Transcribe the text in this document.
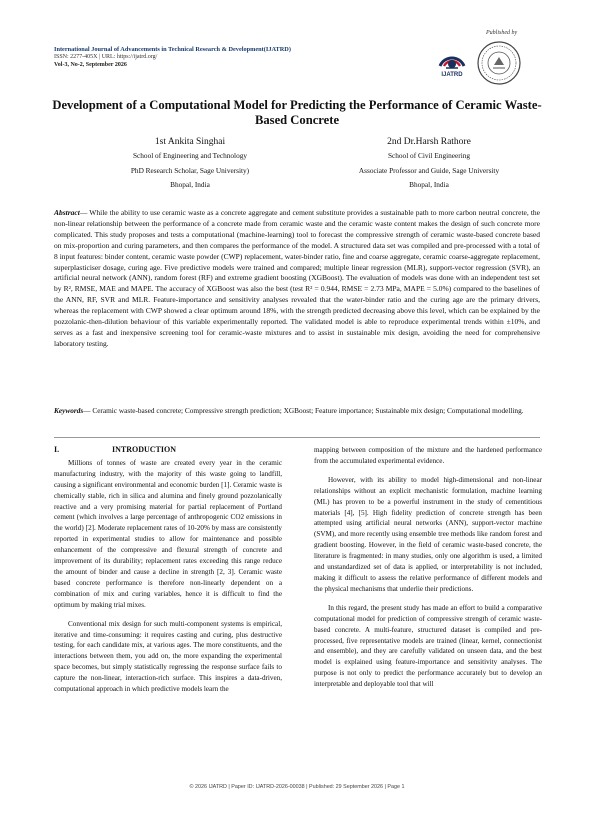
International Journal of Advancements in Technical Research & Development(IJATRD)
ISSN: 2277-405X | URL: https://ijatrd.org/
Vol-3, No-2, September 2026
IJATRD
Published by
Development of a Computational Model for Predicting the Performance of Ceramic Waste-Based Concrete
1st Ankita Singhai
School of Engineering and Technology
PhD Research Scholar, Sage University)
Bhopal, India
2nd Dr.Harsh Rathore
School of Civil Engineering
Associate Professor and Guide, Sage University
Bhopal, India
Abstract— While the ability to use ceramic waste as a concrete aggregate and cement substitute provides a sustainable path to more carbon neutral concrete, the non-linear relationship between the performance of a concrete made from ceramic waste and the ceramic waste content makes the design of such concrete more complicated. This study proposes and tests a computational (machine-learning) tool to forecast the compressive strength of ceramic waste-based concrete based on mix-proportion and curing parameters, and then compares the performance of the model. A structured data set was compiled and pre-processed with a total of 8 input features: binder content, ceramic waste powder (CWP) replacement, water-binder ratio, fine and coarse aggregate, ceramic coarse-aggregate replacement, superplasticiser dosage, curing age. Five predictive models were trained and compared; multiple linear regression (MLR), support-vector regression (SVR), an artificial neural network (ANN), random forest (RF) and extreme gradient boosting (XGBoost). The evaluation of models was done with an independent test set by R², RMSE, MAE and MAPE. The accuracy of XGBoost was also the best (test R² = 0.944, RMSE = 2.73 MPa, MAPE = 5.0%) compared to the baselines of the ANN, RF, SVR and MLR. Feature-importance and sensitivity analyses revealed that the water-binder ratio and the curing age are the primary drivers, whereas the replacement with CWP showed a clear optimum around 18%, with the strength predicted decreasing above this level, which can be explained by the pozzolanic-then-dilution behaviour of this variable experimentally reported. The validated model is able to reproduce experimental trends within ±10%, and serves as a fast and inexpensive screening tool for ceramic-waste mixtures and to assist in sustainable mix design, avoiding the need for comprehensive laboratory testing.
Keywords— Ceramic waste-based concrete; Compressive strength prediction; XGBoost; Feature importance; Sustainable mix design; Computational modelling.
I.	INTRODUCTION

Millions of tonnes of waste are created every year in the ceramic manufacturing industry, with the majority of this waste going to landfill, causing a significant environmental and economic burden [1]. Ceramic waste is chemically stable, rich in silica and alumina and finely ground pozzolanically reactive and a very promising material for partial replacement of Portland cement (which involves a large percentage of anthropogenic CO2 emissions in the world) [2]. Moderate replacement rates of 10-20% by mass are consistently reported in experimental studies to allow for maintenance and possible enhancement of the compressive and flexural strength of concrete and improvement of its durability; replacement rates exceeding this range reduce the amount of binder and cause a decline in strength [2, 3]. Ceramic waste based concrete performance is therefore non-linearly dependent on a combination of mix and curing variables, hence it is difficult to find the optimum by making trial mixes.

Conventional mix design for such multi-component systems is empirical, iterative and time-consuming: it requires casting and curing, plus destructive testing, for each candidate mix, at various ages. The more constituents, and the interactions between them, you add on, the more expanding the experimental space becomes, but simply statistically regressing the response surface fails to capture the non-linear, interaction-rich surface. This inspires a data-driven, computational approach in which predictive models learn the

mapping between composition of the mixture and the hardened performance from the accumulated experimental evidence.

However, with its ability to model high-dimensional and non-linear relationships without an explicit mechanistic formulation, machine learning (ML) has proven to be a powerful instrument in the study of cementitious materials [4], [5]. High fidelity prediction of concrete strength has been attempted using artificial neural networks (ANN), support-vector machine (SVM), and more recently using ensemble tree methods like random forest and gradient boosting. However, in the field of ceramic waste-based concrete, the literature is fragmented: in many studies, only one algorithm is used, a limited and unstandardized set of data is applied, or interpretability is not included, making it difficult to assess the relative performance of different models and the physical mechanisms that underlie their predictions.

In this regard, the present study has made an effort to build a comparative computational model for prediction of compressive strength of ceramic waste-based concrete. A multi-feature, structured dataset is compiled and pre-processed, five representative models are trained (linear, kernel, connectionist and ensemble), and they are carefully validated on unseen data, and the best model is explained using feature-importance and sensitivity analyses. The purpose is not only to predict the performance accurately but to develop an interpretable and deployable tool that will

© 2026 IJATRD | Paper ID: IJATRD-2026-00038 | Published: 29 September 2026 | Page 1
